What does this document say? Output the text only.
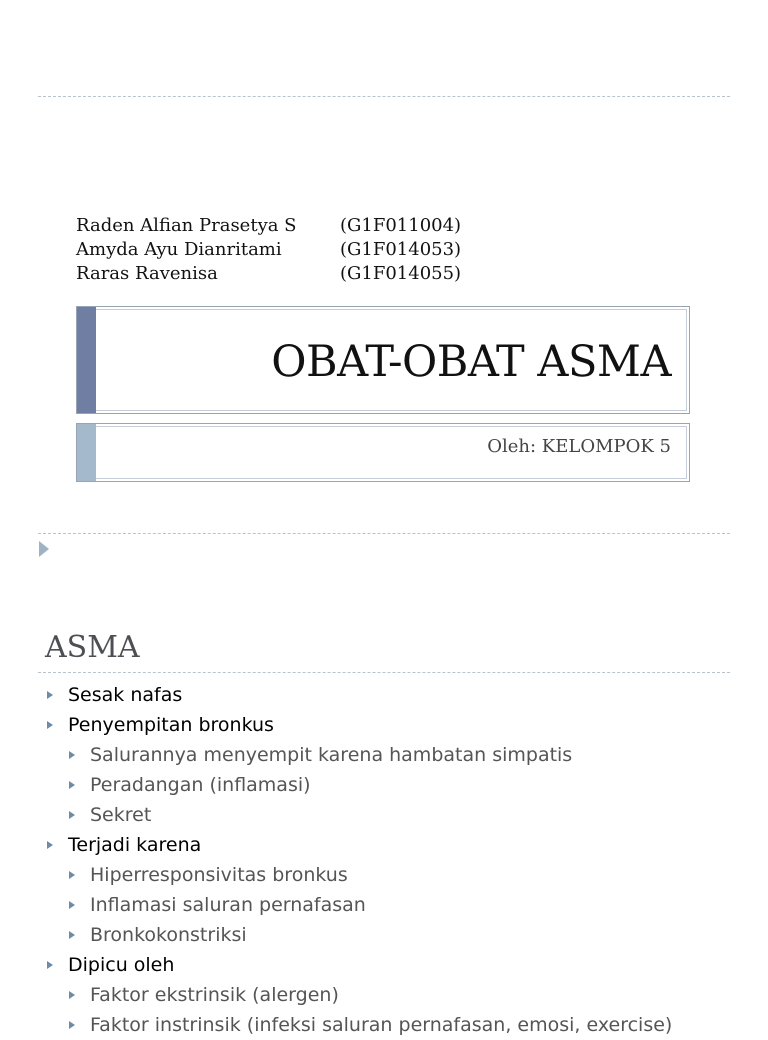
Raden Alfian Prasetya S	(G1F011004)
Amyda Ayu Dianritami	(G1F014053)
Raras Ravenisa	(G1F014055)
OBAT-OBAT ASMA
Oleh: KELOMPOK 5
ASMA
Sesak nafas
Penyempitan bronkus
Salurannya menyempit karena hambatan simpatis
Peradangan (inflamasi)
Sekret
Terjadi karena
Hiperresponsivitas bronkus
Inflamasi saluran pernafasan
Bronkokonstriksi
Dipicu oleh
Faktor ekstrinsik (alergen)
Faktor instrinsik (infeksi saluran pernafasan, emosi, exercise)
